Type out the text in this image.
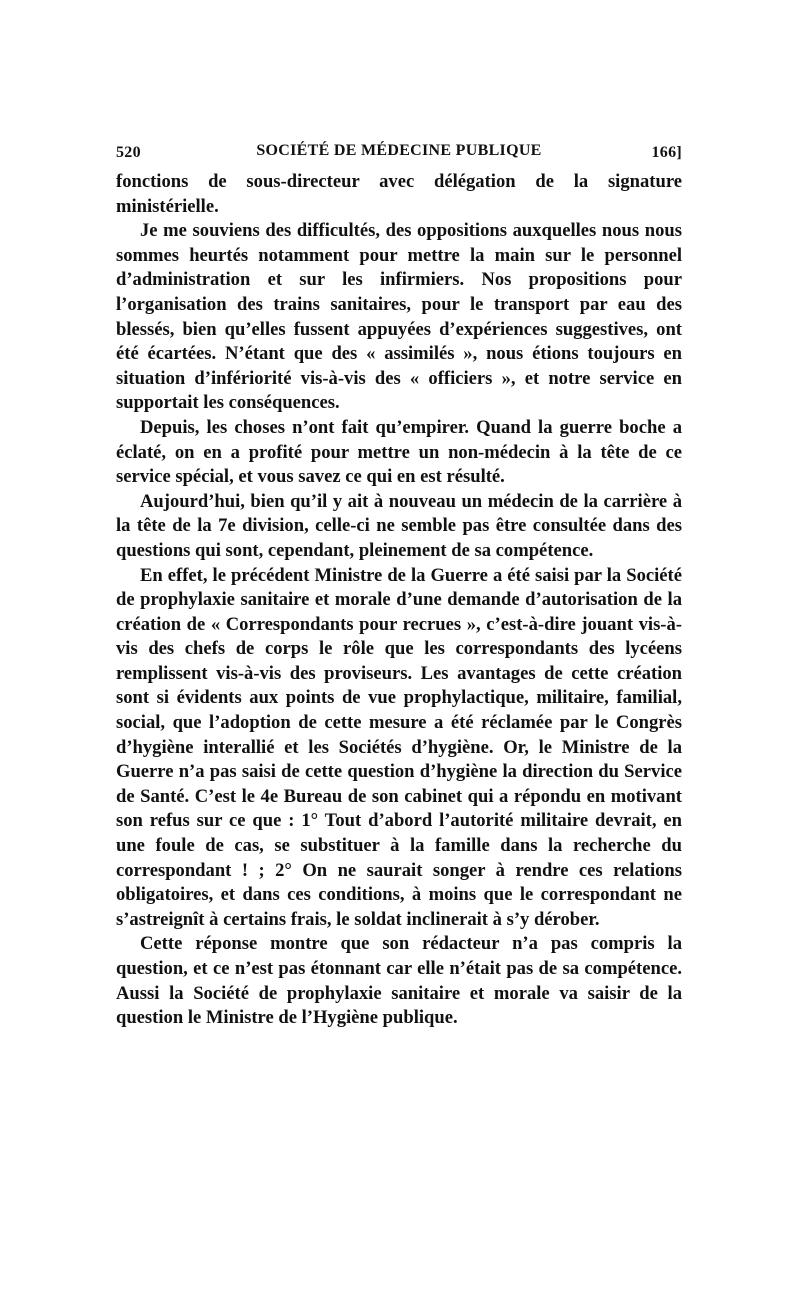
520	SOCIÉTÉ DE MÉDECINE PUBLIQUE	166]

fonctions de sous-directeur avec délégation de la signature ministérielle.

Je me souviens des difficultés, des oppositions auxquelles nous nous sommes heurtés notamment pour mettre la main sur le personnel d’administration et sur les infirmiers. Nos propositions pour l’organisation des trains sanitaires, pour le transport par eau des blessés, bien qu’elles fussent appuyées d’expériences suggestives, ont été écartées. N’étant que des « assimilés », nous étions toujours en situation d’infériorité vis-à-vis des « officiers », et notre service en supportait les conséquences.

Depuis, les choses n’ont fait qu’empirer. Quand la guerre boche a éclaté, on en a profité pour mettre un non-médecin à la tête de ce service spécial, et vous savez ce qui en est résulté.

Aujourd’hui, bien qu’il y ait à nouveau un médecin de la carrière à la tête de la 7e division, celle-ci ne semble pas être consultée dans des questions qui sont, cependant, pleinement de sa compétence.

En effet, le précédent Ministre de la Guerre a été saisi par la Société de prophylaxie sanitaire et morale d’une demande d’autorisation de la création de « Correspondants pour recrues », c’est-à-dire jouant vis-à-vis des chefs de corps le rôle que les correspondants des lycéens remplissent vis-à-vis des proviseurs. Les avantages de cette création sont si évidents aux points de vue prophylactique, militaire, familial, social, que l’adoption de cette mesure a été réclamée par le Congrès d’hygiène interallié et les Sociétés d’hygiène. Or, le Ministre de la Guerre n’a pas saisi de cette question d’hygiène la direction du Service de Santé. C’est le 4e Bureau de son cabinet qui a répondu en motivant son refus sur ce que : 1° Tout d’abord l’autorité militaire devrait, en une foule de cas, se substituer à la famille dans la recherche du correspondant ! ; 2° On ne saurait songer à rendre ces relations obligatoires, et dans ces conditions, à moins que le correspondant ne s’astreignît à certains frais, le soldat inclinerait à s’y dérober.

Cette réponse montre que son rédacteur n’a pas compris la question, et ce n’est pas étonnant car elle n’était pas de sa compétence. Aussi la Société de prophylaxie sanitaire et morale va saisir de la question le Ministre de l’Hygiène publique.
